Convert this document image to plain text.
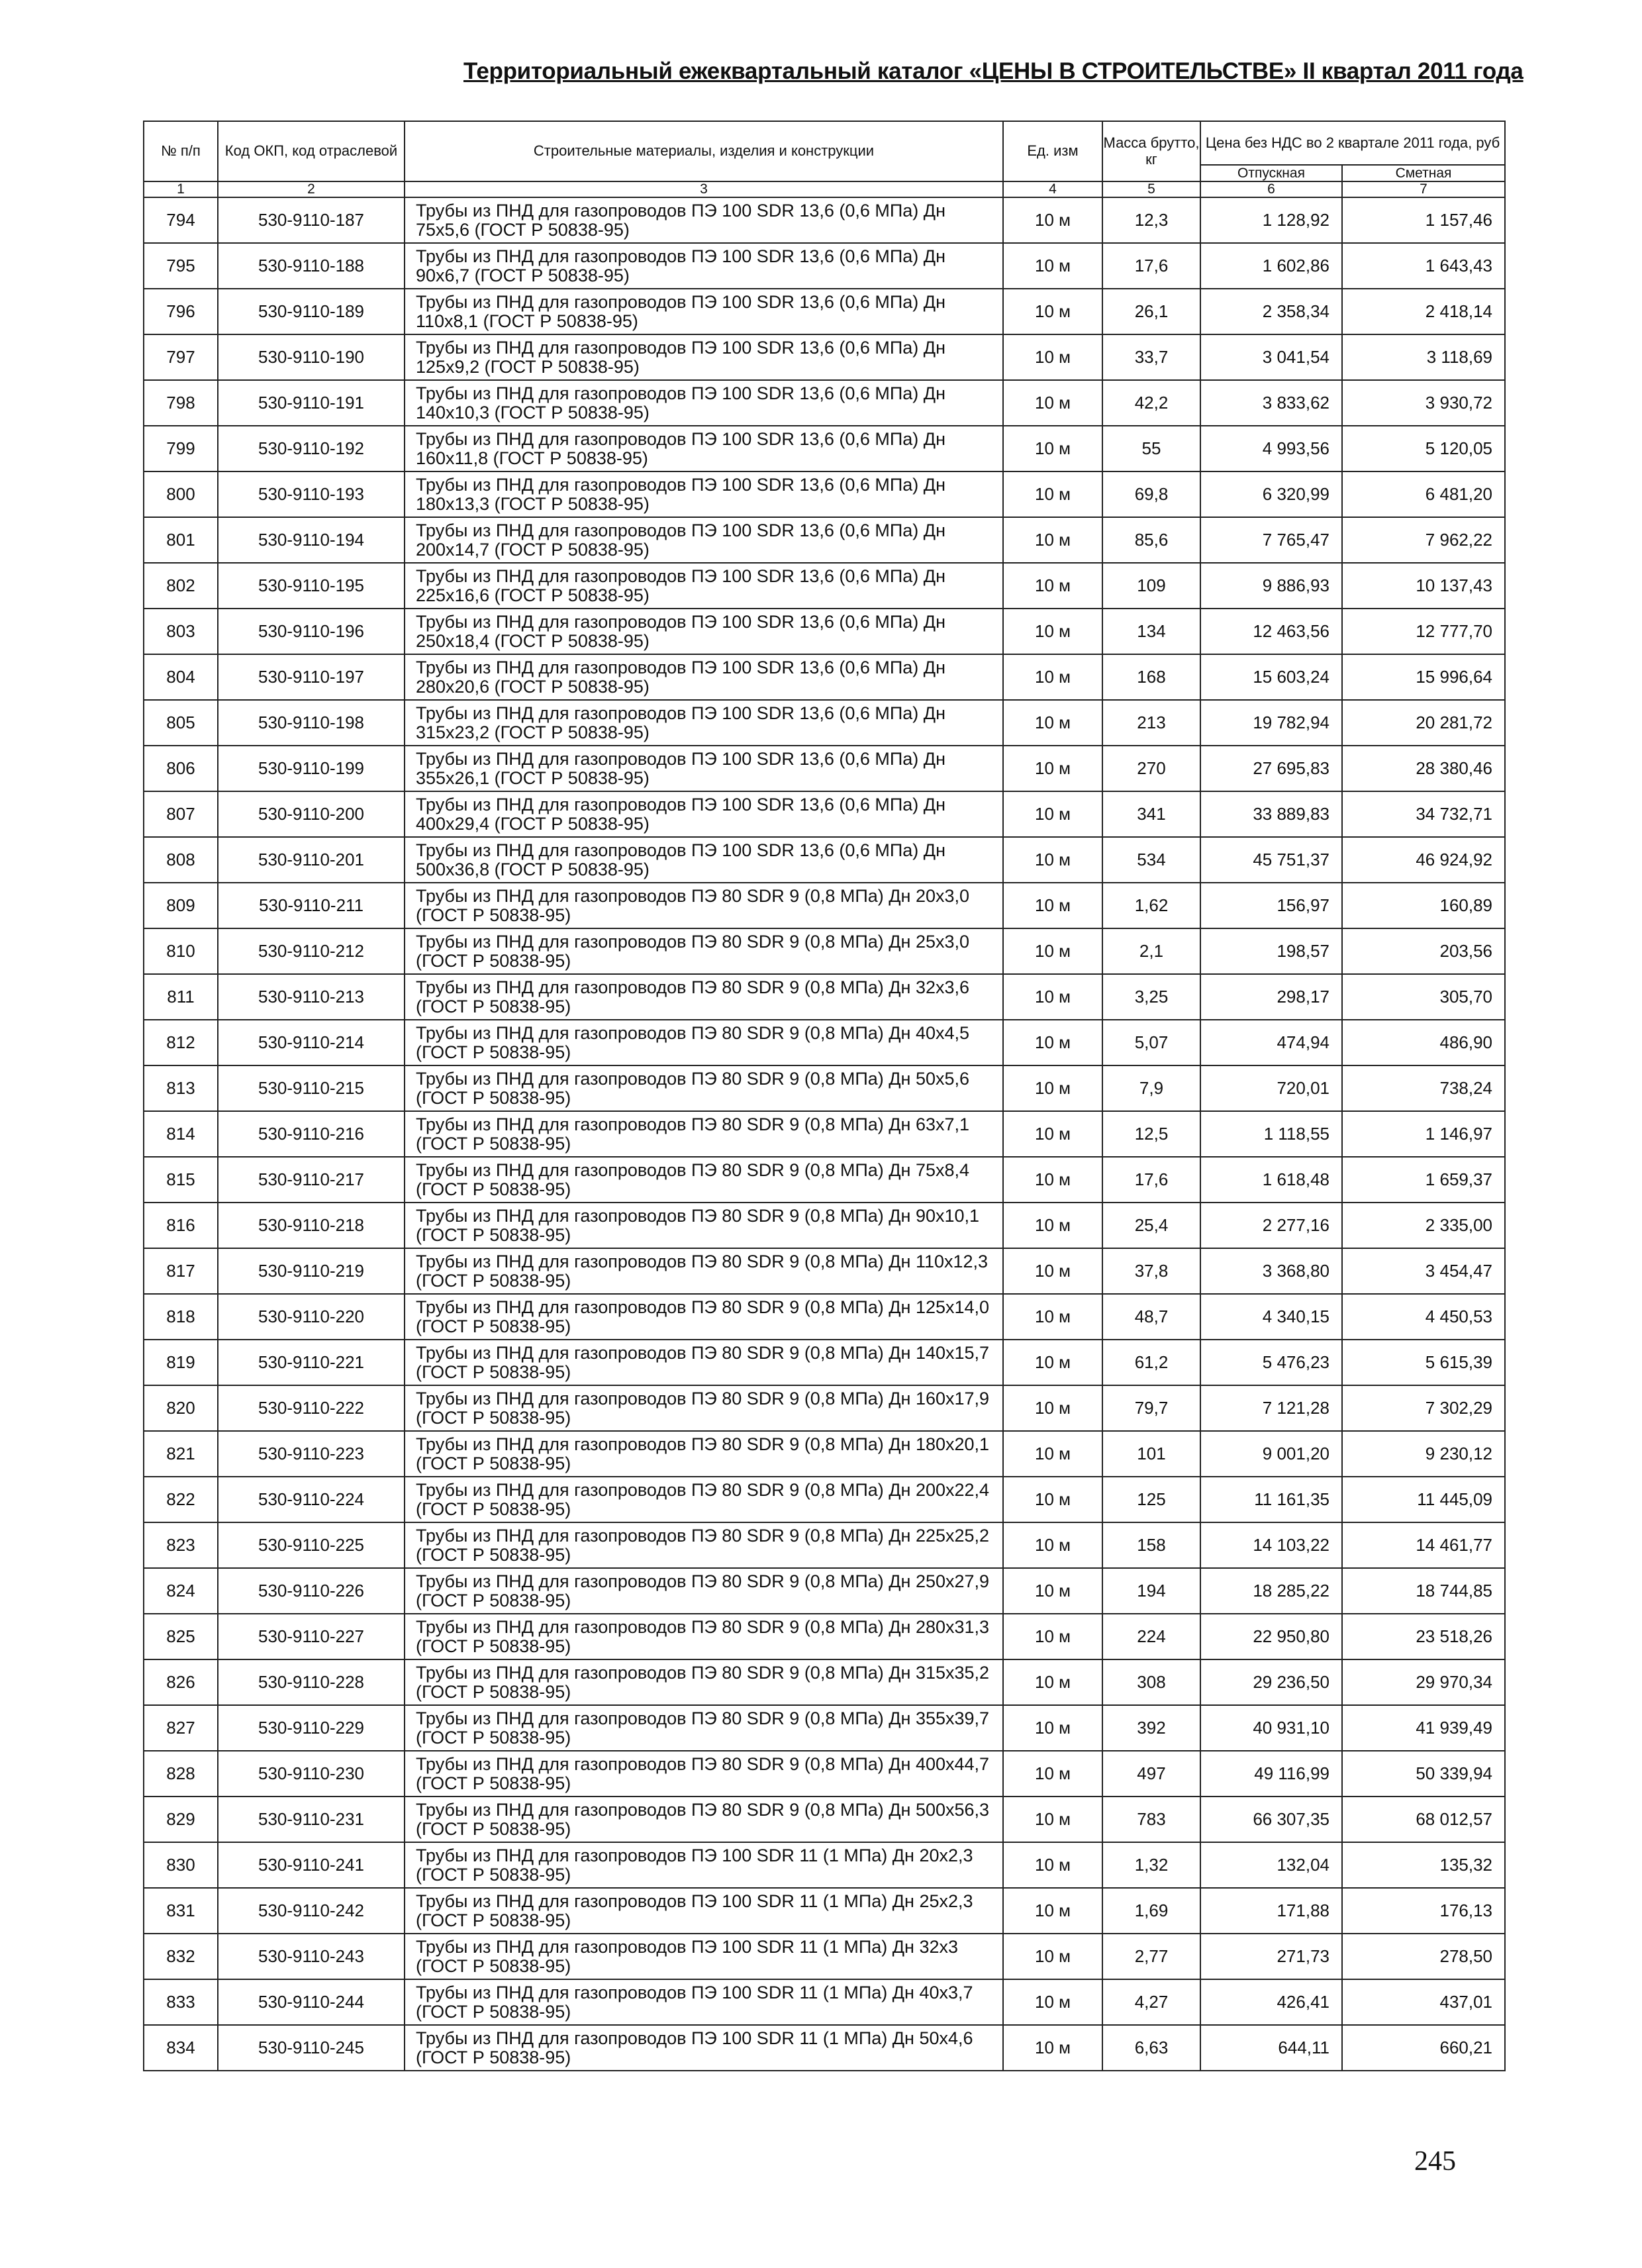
Территориальный ежеквартальный каталог «ЦЕНЫ В СТРОИТЕЛЬСТВЕ» II квартал 2011 года
№ п/п	Код ОКП, код отраслевой	Строительные материалы, изделия и конструкции	Ед. изм	Масса брутто, кг	Цена без НДС во 2 квартале 2011 года, руб	
					Отпускная	Сметная
1	2	3	4	5	6	7
794	530-9110-187	Трубы из ПНД для газопроводов ПЭ 100 SDR 13,6 (0,6 МПа) Дн 75х5,6 (ГОСТ Р 50838-95)	10 м	12,3	1 128,92	1 157,46
795	530-9110-188	Трубы из ПНД для газопроводов ПЭ 100 SDR 13,6 (0,6 МПа) Дн 90х6,7 (ГОСТ Р 50838-95)	10 м	17,6	1 602,86	1 643,43
796	530-9110-189	Трубы из ПНД для газопроводов ПЭ 100 SDR 13,6 (0,6 МПа) Дн 110х8,1 (ГОСТ Р 50838-95)	10 м	26,1	2 358,34	2 418,14
797	530-9110-190	Трубы из ПНД для газопроводов ПЭ 100 SDR 13,6 (0,6 МПа) Дн 125х9,2 (ГОСТ Р 50838-95)	10 м	33,7	3 041,54	3 118,69
798	530-9110-191	Трубы из ПНД для газопроводов ПЭ 100 SDR 13,6 (0,6 МПа) Дн 140х10,3 (ГОСТ Р 50838-95)	10 м	42,2	3 833,62	3 930,72
799	530-9110-192	Трубы из ПНД для газопроводов ПЭ 100 SDR 13,6 (0,6 МПа) Дн 160х11,8 (ГОСТ Р 50838-95)	10 м	55	4 993,56	5 120,05
800	530-9110-193	Трубы из ПНД для газопроводов ПЭ 100 SDR 13,6 (0,6 МПа) Дн 180х13,3 (ГОСТ Р 50838-95)	10 м	69,8	6 320,99	6 481,20
801	530-9110-194	Трубы из ПНД для газопроводов ПЭ 100 SDR 13,6 (0,6 МПа) Дн 200х14,7 (ГОСТ Р 50838-95)	10 м	85,6	7 765,47	7 962,22
802	530-9110-195	Трубы из ПНД для газопроводов ПЭ 100 SDR 13,6 (0,6 МПа) Дн 225х16,6 (ГОСТ Р 50838-95)	10 м	109	9 886,93	10 137,43
803	530-9110-196	Трубы из ПНД для газопроводов ПЭ 100 SDR 13,6 (0,6 МПа) Дн 250х18,4 (ГОСТ Р 50838-95)	10 м	134	12 463,56	12 777,70
804	530-9110-197	Трубы из ПНД для газопроводов ПЭ 100 SDR 13,6 (0,6 МПа) Дн 280х20,6 (ГОСТ Р 50838-95)	10 м	168	15 603,24	15 996,64
805	530-9110-198	Трубы из ПНД для газопроводов ПЭ 100 SDR 13,6 (0,6 МПа) Дн 315х23,2 (ГОСТ Р 50838-95)	10 м	213	19 782,94	20 281,72
806	530-9110-199	Трубы из ПНД для газопроводов ПЭ 100 SDR 13,6 (0,6 МПа) Дн 355х26,1 (ГОСТ Р 50838-95)	10 м	270	27 695,83	28 380,46
807	530-9110-200	Трубы из ПНД для газопроводов ПЭ 100 SDR 13,6 (0,6 МПа) Дн 400х29,4 (ГОСТ Р 50838-95)	10 м	341	33 889,83	34 732,71
808	530-9110-201	Трубы из ПНД для газопроводов ПЭ 100 SDR 13,6 (0,6 МПа) Дн 500х36,8 (ГОСТ Р 50838-95)	10 м	534	45 751,37	46 924,92
809	530-9110-211	Трубы из ПНД для газопроводов ПЭ 80 SDR 9 (0,8 МПа) Дн 20х3,0 (ГОСТ Р 50838-95)	10 м	1,62	156,97	160,89
810	530-9110-212	Трубы из ПНД для газопроводов ПЭ 80 SDR 9 (0,8 МПа) Дн 25х3,0 (ГОСТ Р 50838-95)	10 м	2,1	198,57	203,56
811	530-9110-213	Трубы из ПНД для газопроводов ПЭ 80 SDR 9 (0,8 МПа) Дн 32х3,6 (ГОСТ Р 50838-95)	10 м	3,25	298,17	305,70
812	530-9110-214	Трубы из ПНД для газопроводов ПЭ 80 SDR 9 (0,8 МПа) Дн 40х4,5 (ГОСТ Р 50838-95)	10 м	5,07	474,94	486,90
813	530-9110-215	Трубы из ПНД для газопроводов ПЭ 80 SDR 9 (0,8 МПа) Дн 50х5,6 (ГОСТ Р 50838-95)	10 м	7,9	720,01	738,24
814	530-9110-216	Трубы из ПНД для газопроводов ПЭ 80 SDR 9 (0,8 МПа) Дн 63х7,1 (ГОСТ Р 50838-95)	10 м	12,5	1 118,55	1 146,97
815	530-9110-217	Трубы из ПНД для газопроводов ПЭ 80 SDR 9 (0,8 МПа) Дн 75х8,4 (ГОСТ Р 50838-95)	10 м	17,6	1 618,48	1 659,37
816	530-9110-218	Трубы из ПНД для газопроводов ПЭ 80 SDR 9 (0,8 МПа) Дн 90х10,1 (ГОСТ Р 50838-95)	10 м	25,4	2 277,16	2 335,00
817	530-9110-219	Трубы из ПНД для газопроводов ПЭ 80 SDR 9 (0,8 МПа) Дн 110х12,3 (ГОСТ Р 50838-95)	10 м	37,8	3 368,80	3 454,47
818	530-9110-220	Трубы из ПНД для газопроводов ПЭ 80 SDR 9 (0,8 МПа) Дн 125х14,0 (ГОСТ Р 50838-95)	10 м	48,7	4 340,15	4 450,53
819	530-9110-221	Трубы из ПНД для газопроводов ПЭ 80 SDR 9 (0,8 МПа) Дн 140х15,7 (ГОСТ Р 50838-95)	10 м	61,2	5 476,23	5 615,39
820	530-9110-222	Трубы из ПНД для газопроводов ПЭ 80 SDR 9 (0,8 МПа) Дн 160х17,9 (ГОСТ Р 50838-95)	10 м	79,7	7 121,28	7 302,29
821	530-9110-223	Трубы из ПНД для газопроводов ПЭ 80 SDR 9 (0,8 МПа) Дн 180х20,1 (ГОСТ Р 50838-95)	10 м	101	9 001,20	9 230,12
822	530-9110-224	Трубы из ПНД для газопроводов ПЭ 80 SDR 9 (0,8 МПа) Дн 200х22,4 (ГОСТ Р 50838-95)	10 м	125	11 161,35	11 445,09
823	530-9110-225	Трубы из ПНД для газопроводов ПЭ 80 SDR 9 (0,8 МПа) Дн 225х25,2 (ГОСТ Р 50838-95)	10 м	158	14 103,22	14 461,77
824	530-9110-226	Трубы из ПНД для газопроводов ПЭ 80 SDR 9 (0,8 МПа) Дн 250х27,9 (ГОСТ Р 50838-95)	10 м	194	18 285,22	18 744,85
825	530-9110-227	Трубы из ПНД для газопроводов ПЭ 80 SDR 9 (0,8 МПа) Дн 280х31,3 (ГОСТ Р 50838-95)	10 м	224	22 950,80	23 518,26
826	530-9110-228	Трубы из ПНД для газопроводов ПЭ 80 SDR 9 (0,8 МПа) Дн 315х35,2 (ГОСТ Р 50838-95)	10 м	308	29 236,50	29 970,34
827	530-9110-229	Трубы из ПНД для газопроводов ПЭ 80 SDR 9 (0,8 МПа) Дн 355х39,7 (ГОСТ Р 50838-95)	10 м	392	40 931,10	41 939,49
828	530-9110-230	Трубы из ПНД для газопроводов ПЭ 80 SDR 9 (0,8 МПа) Дн 400х44,7 (ГОСТ Р 50838-95)	10 м	497	49 116,99	50 339,94
829	530-9110-231	Трубы из ПНД для газопроводов ПЭ 80 SDR 9 (0,8 МПа) Дн 500х56,3 (ГОСТ Р 50838-95)	10 м	783	66 307,35	68 012,57
830	530-9110-241	Трубы из ПНД для газопроводов ПЭ 100 SDR 11 (1 МПа) Дн 20х2,3 (ГОСТ Р 50838-95)	10 м	1,32	132,04	135,32
831	530-9110-242	Трубы из ПНД для газопроводов ПЭ 100 SDR 11 (1 МПа) Дн 25х2,3 (ГОСТ Р 50838-95)	10 м	1,69	171,88	176,13
832	530-9110-243	Трубы из ПНД для газопроводов ПЭ 100 SDR 11 (1 МПа) Дн 32х3 (ГОСТ Р 50838-95)	10 м	2,77	271,73	278,50
833	530-9110-244	Трубы из ПНД для газопроводов ПЭ 100 SDR 11 (1 МПа) Дн 40х3,7 (ГОСТ Р 50838-95)	10 м	4,27	426,41	437,01
834	530-9110-245	Трубы из ПНД для газопроводов ПЭ 100 SDR 11 (1 МПа) Дн 50х4,6 (ГОСТ Р 50838-95)	10 м	6,63	644,11	660,21
245
